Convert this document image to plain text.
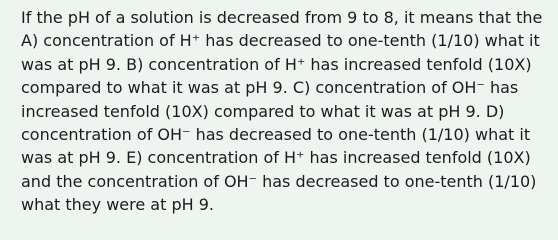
If the pH of a solution is decreased from 9 to 8, it means that the
A) concentration of H⁺ has decreased to one-tenth (1/10) what it
was at pH 9. B) concentration of H⁺ has increased tenfold (10X)
compared to what it was at pH 9. C) concentration of OH⁻ has
increased tenfold (10X) compared to what it was at pH 9. D)
concentration of OH⁻ has decreased to one-tenth (1/10) what it
was at pH 9. E) concentration of H⁺ has increased tenfold (10X)
and the concentration of OH⁻ has decreased to one-tenth (1/10)
what they were at pH 9.
